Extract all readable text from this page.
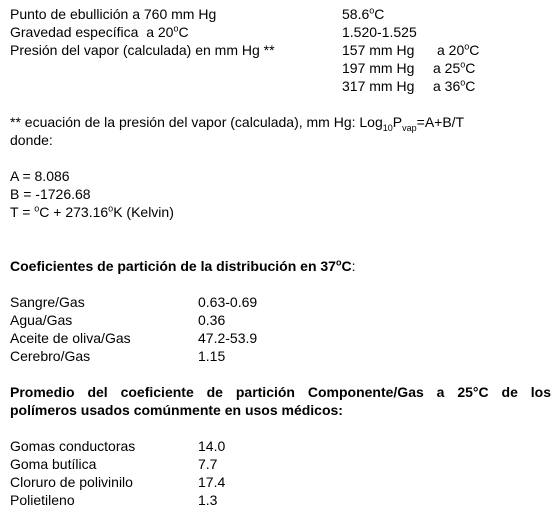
Punto de ebullición a 760 mm Hg	58.6$^o$C
Gravedad específica a 20$^o$C	1.520-1.525
Presión del vapor (calculada) en mm Hg **	157 mm Hg a 20$^o$C
197 mm Hg a 25$^o$C
317 mm Hg a 36$^o$C
** ecuación de la presión del vapor (calculada), mm Hg: $Log_{10}P_{vap}=A+B/T$
donde:
A = 8.086
B = -1726.68
$T = ^oC + 273.16^oK$ (Kelvin)
Coeficientes de partición de la distribución en 37$^o$C:
Sangre/Gas	0.63-0.69
Agua/Gas	0.36
Aceite de oliva/Gas	47.2-53.9
Cerebro/Gas	1.15
Promedio del coeficiente de partición Componente/Gas a 25°C de los
polímeros usados comúnmente en usos médicos:
Gomas conductoras	14.0
Goma butílica	7.7
Cloruro de polivinilo	17.4
Polietileno	1.3
